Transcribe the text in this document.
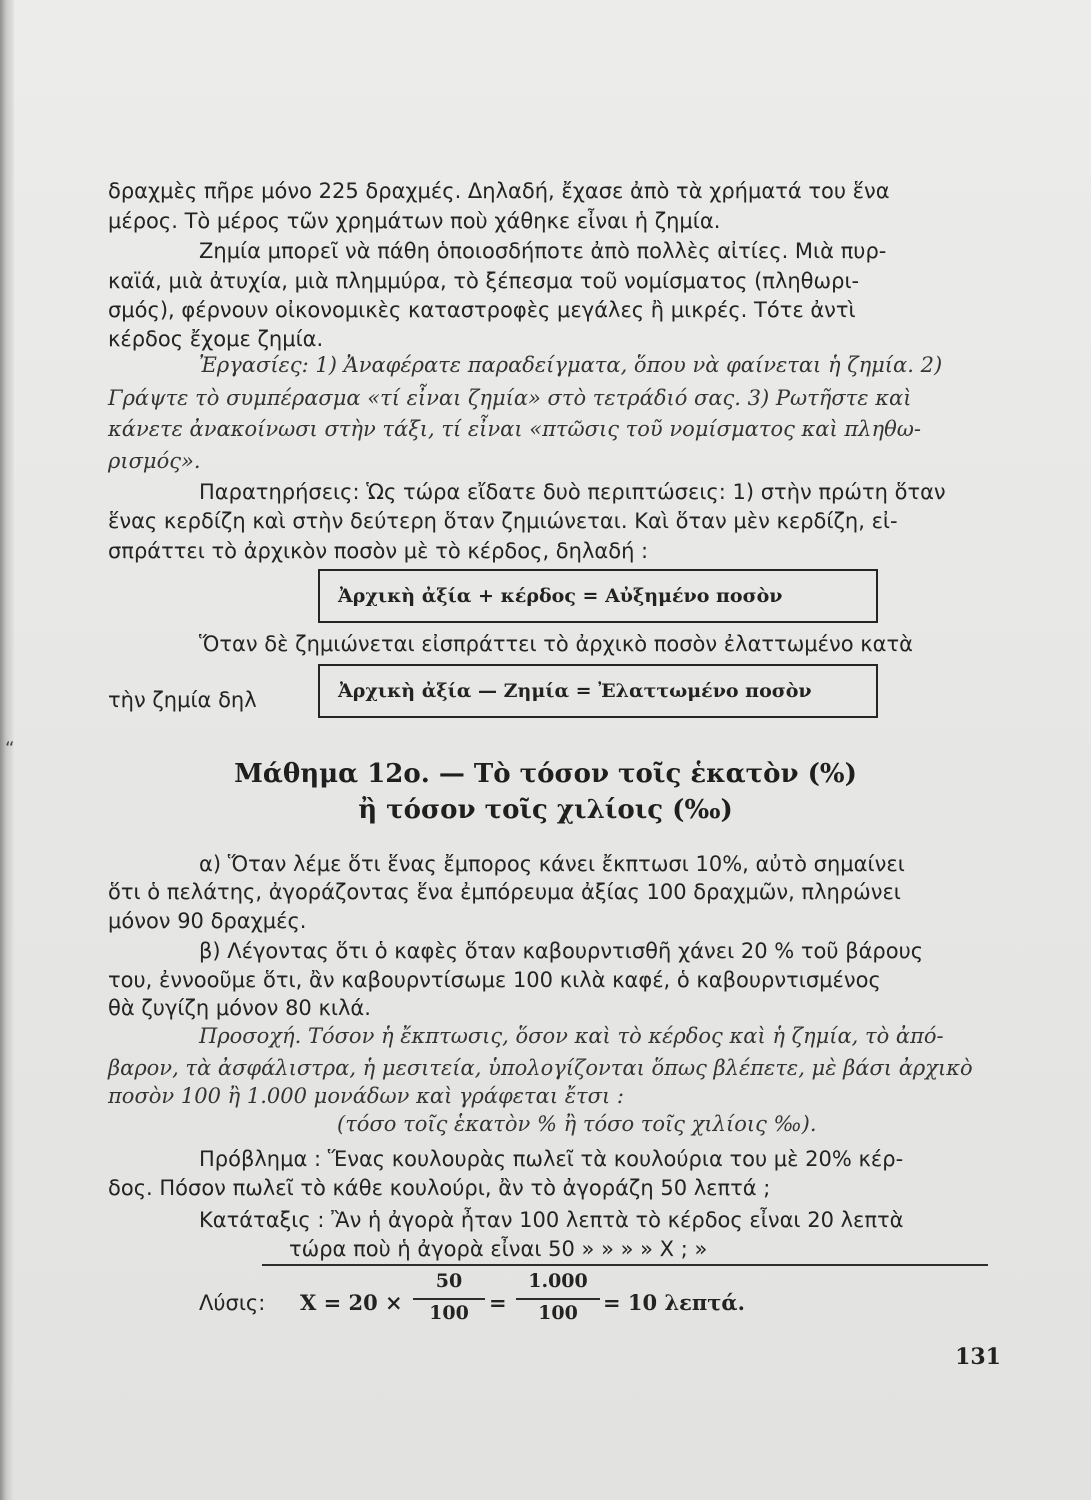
ʻʻ
δραχμὲς πῆρε μόνο 225 δραχμές. Δηλαδή, ἔχασε ἀπὸ τὰ χρήματά του ἕνα
μέρος. Τὸ μέρος τῶν χρημάτων ποὺ χάθηκε εἶναι ἡ ζημία.
Ζημία μπορεῖ νὰ πάθη ὁποιοσδήποτε ἀπὸ πολλὲς αἰτίες. Μιὰ πυρ-
καϊά, μιὰ ἀτυχία, μιὰ πλημμύρα, τὸ ξέπεσμα τοῦ νομίσματος (πληθωρι-
σμός), φέρνουν οἰκονομικὲς καταστροφὲς μεγάλες ἢ μικρές. Τότε ἀντὶ
κέρδος ἔχομε ζημία.
Ἐργασίες: 1) Ἀναφέρατε παραδείγματα, ὅπου νὰ φαίνεται ἡ ζημία. 2)
Γράψτε τὸ συμπέρασμα «τί εἶναι ζημία» στὸ τετράδιό σας. 3) Ρωτῆστε καὶ
κάνετε ἀνακοίνωσι στὴν τάξι, τί εἶναι «πτῶσις τοῦ νομίσματος καὶ πληθω-
ρισμός».
Παρατηρήσεις: Ὡς τώρα εἴδατε δυὸ περιπτώσεις: 1) στὴν πρώτη ὅταν
ἕνας κερδίζη καὶ στὴν δεύτερη ὅταν ζημιώνεται. Καὶ ὅταν μὲν κερδίζη, εἰ-
σπράττει τὸ ἀρχικὸν ποσὸν μὲ τὸ κέρδος, δηλαδή :
Ἀρχικὴ ἀξία + κέρδος = Αὐξημένο ποσὸν
Ὅταν δὲ ζημιώνεται εἰσπράττει τὸ ἀρχικὸ ποσὸν ἐλαττωμένο κατὰ
τὴν ζημία δηλ	Ἀρχικὴ ἀξία — Ζημία = Ἐλαττωμένο ποσὸν
Μάθημα 12ο. — Τὸ τόσον τοῖς ἑκατὸν (%)
ἢ τόσον τοῖς χιλίοις (‰)
α) Ὅταν λέμε ὅτι ἕνας ἔμπορος κάνει ἔκπτωσι 10%, αὐτὸ σημαίνει
ὅτι ὁ πελάτης, ἀγοράζοντας ἕνα ἐμπόρευμα ἀξίας 100 δραχμῶν, πληρώνει
μόνον 90 δραχμές.
β) Λέγοντας ὅτι ὁ καφὲς ὅταν καβουρντισθῆ χάνει 20 % τοῦ βάρους
του, ἐννοοῦμε ὅτι, ἂν καβουρντίσωμε 100 κιλὰ καφέ, ὁ καβουρντισμένος
θὰ ζυγίζη μόνον 80 κιλά.
Προσοχή. Τόσον ἡ ἔκπτωσις, ὅσον καὶ τὸ κέρδος καὶ ἡ ζημία, τὸ ἀπό-
βαρον, τὰ ἀσφάλιστρα, ἡ μεσιτεία, ὑπολογίζονται ὅπως βλέπετε, μὲ βάσι ἀρχικὸ
ποσὸν 100 ἢ 1.000 μονάδων καὶ γράφεται ἔτσι :
(τόσο τοῖς ἑκατὸν % ἢ τόσο τοῖς χιλίοις ‰).
Πρόβλημα : Ἕνας κουλουρὰς πωλεῖ τὰ κουλούρια του μὲ 20% κέρ-
δος. Πόσον πωλεῖ τὸ κάθε κουλούρι, ἂν τὸ ἀγοράζη 50 λεπτά ;
Κατάταξις : Ἂν ἡ ἀγορὰ ἦταν 100 λεπτὰ τὸ κέρδος εἶναι 20 λεπτὰ
τώρα ποὺ ἡ ἀγορὰ εἶναι 50 » » » » Χ ; »
Λύσις: Χ = 20 ×
50
100 =
1.000
100	= 10 λεπτά.
131
